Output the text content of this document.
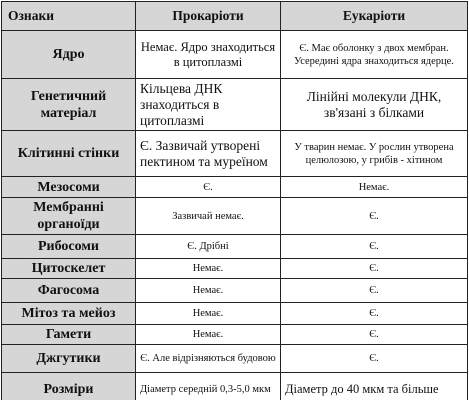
Ознаки	Прокаріоти	Еукаріоти
Ядро	Немає. Ядро знаходиться в цитоплазмі	Є. Має оболонку з двох мембран. Усередині ядра знаходиться ядерце.
Генетичний матеріал	Кільцева ДНК знаходиться в цитоплазмі	Лінійні молекули ДНК, зв'язані з білками
Клітинні стінки	Є. Зазвичай утворені пектином та муреїном	У тварин немає. У рослин утворена целюлозою, у грибів - хітином
Мезосоми	Є.	Немає.
Мембранні органоїди	Зазвичай немає.	Є.
Рибосоми	Є. Дрібні	Є.
Цитоскелет	Немає.	Є.
Фагосома	Немає.	Є.
Мітоз та мейоз	Немає.	Є.
Гамети	Немає.	Є.
Джгутики	Є. Але відрізняються будовою	Є.
Розміри	Діаметр середній 0,3-5,0 мкм	Діаметр до 40 мкм та більше
